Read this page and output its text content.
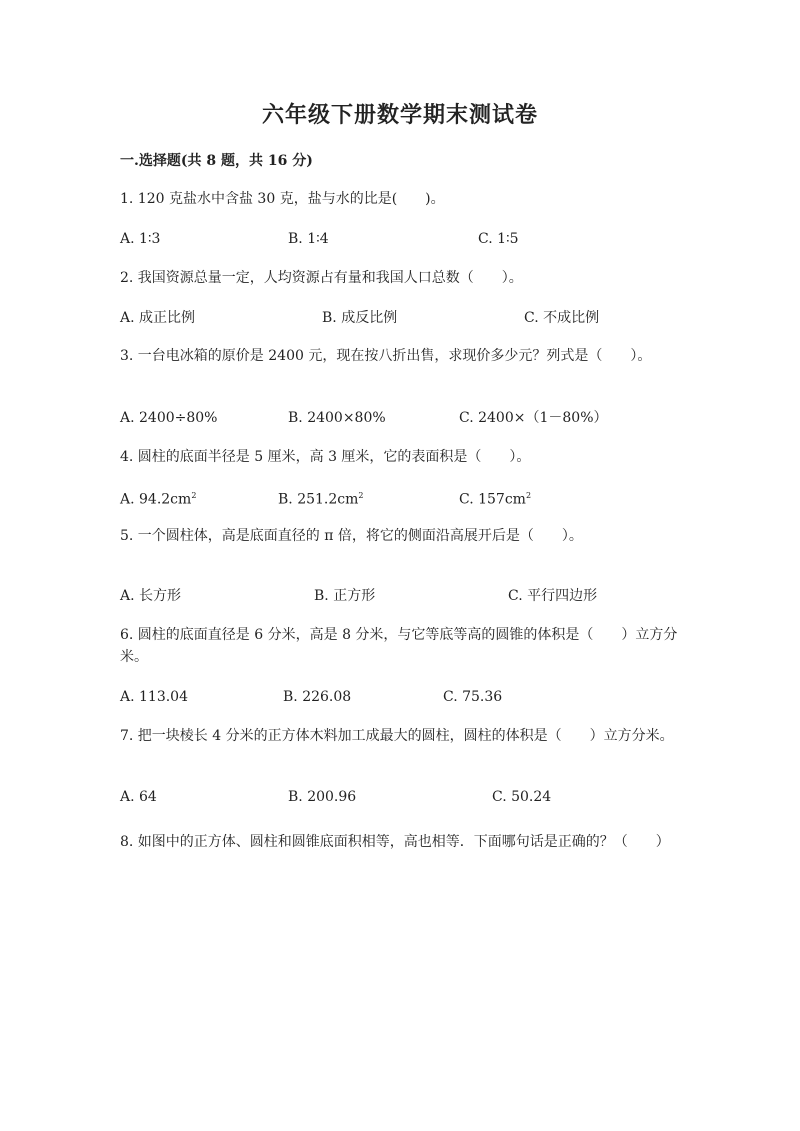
六年级下册数学期末测试卷
一.选择题(共 8 题，共 16 分)
1. 120 克盐水中含盐 30 克，盐与水的比是(　　)。
A. 1∶3	B. 1∶4	C. 1∶5
2. 我国资源总量一定，人均资源占有量和我国人口总数（　　）。
A. 成正比例	B. 成反比例	C. 不成比例
3. 一台电冰箱的原价是 2400 元，现在按八折出售，求现价多少元？列式是（　　）。
A. 2400÷80%	B. 2400×80%	C. 2400×（1－80%）
4. 圆柱的底面半径是 5 厘米，高 3 厘米，它的表面积是（　　）。
A. $94.2cm^2$	B. $251.2cm^2$	C. $157cm^2$
5. 一个圆柱体，高是底面直径的 π 倍，将它的侧面沿高展开后是（　　）。
A. 长方形	B. 正方形	C. 平行四边形
6. 圆柱的底面直径是 6 分米，高是 8 分米，与它等底等高的圆锥的体积是（　　）立方分米。
A. 113.04	B. 226.08	C. 75.36
7. 把一块棱长 4 分米的正方体木料加工成最大的圆柱，圆柱的体积是（　　）立方分米。
A. 64	B. 200.96	C. 50.24
8. 如图中的正方体、圆柱和圆锥底面积相等，高也相等．下面哪句话是正确的？（　　）
